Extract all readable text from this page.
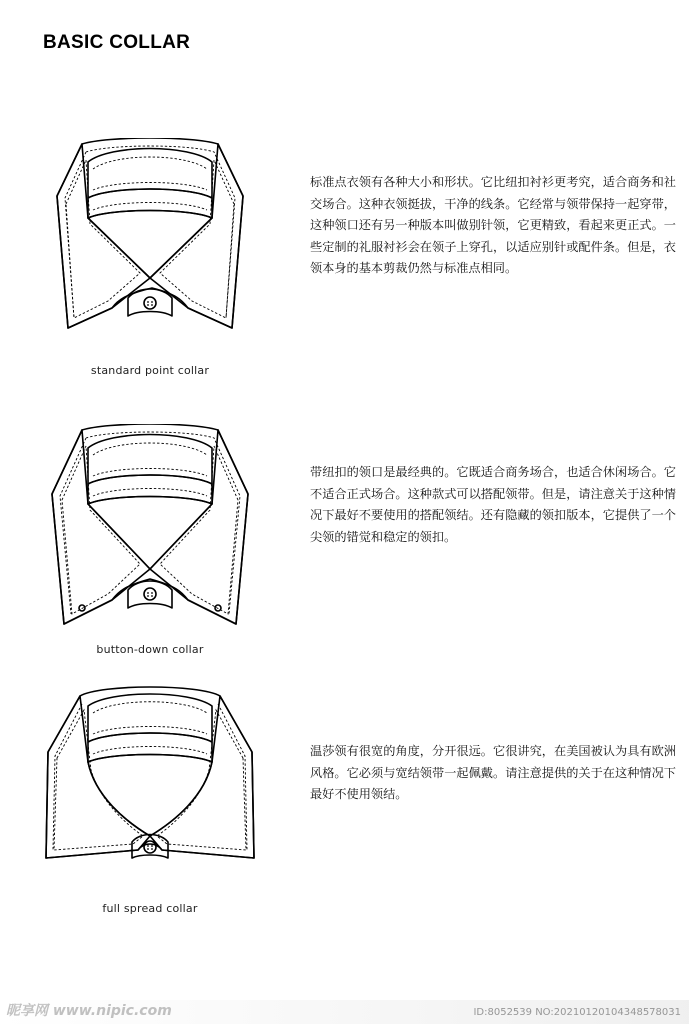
BASIC COLLAR
standard point collar
标准点衣领有各种大小和形状。它比纽扣衬衫更考究，适合商务和社交场合。这种衣领挺拔，干净的线条。它经常与领带保持一起穿带，这种领口还有另一种版本叫做别针领，它更精致，看起来更正式。一些定制的礼服衬衫会在领子上穿孔，以适应别针或配件条。但是，衣领本身的基本剪裁仍然与标准点相同。
button-down collar
带纽扣的领口是最经典的。它既适合商务场合，也适合休闲场合。它不适合正式场合。这种款式可以搭配领带。但是，请注意关于这种情况下最好不要使用的搭配领结。还有隐藏的领扣版本，它提供了一个尖领的错觉和稳定的领扣。
full spread collar
温莎领有很宽的角度，分开很远。它很讲究，在美国被认为具有欧洲风格。它必须与宽结领带一起佩戴。请注意提供的关于在这种情况下最好不使用领结。
昵享网 www.nipic.com	ID:8052539 NO:20210120104348578031
